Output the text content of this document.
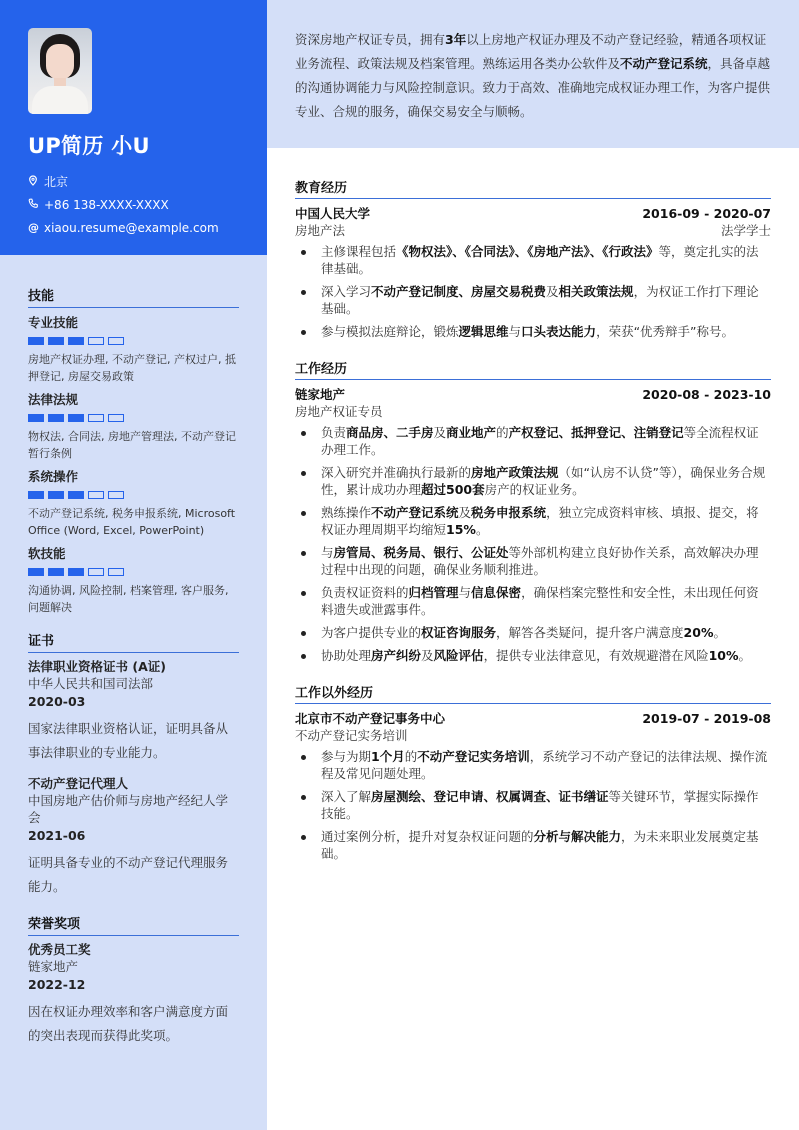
UP简历 小U
北京
+86 138-XXXX-XXXX
@ xiaou.resume@example.com
技能
专业技能
房地产权证办理, 不动产登记, 产权过户, 抵押登记, 房屋交易政策
法律法规
物权法, 合同法, 房地产管理法, 不动产登记暂行条例
系统操作
不动产登记系统, 税务申报系统, Microsoft Office (Word, Excel, PowerPoint)
软技能
沟通协调, 风险控制, 档案管理, 客户服务, 问题解决
证书
法律职业资格证书 (A证)
中华人民共和国司法部
2020-03
国家法律职业资格认证，证明具备从事法律职业的专业能力。
不动产登记代理人
中国房地产估价师与房地产经纪人学会
2021-06
证明具备专业的不动产登记代理服务能力。
荣誉奖项
优秀员工奖
链家地产
2022-12
因在权证办理效率和客户满意度方面的突出表现而获得此奖项。
资深房地产权证专员，拥有3年以上房地产权证办理及不动产登记经验，精通各项权证业务流程、政策法规及档案管理。熟练运用各类办公软件及不动产登记系统，具备卓越的沟通协调能力与风险控制意识。致力于高效、准确地完成权证办理工作，为客户提供专业、合规的服务，确保交易安全与顺畅。
教育经历
中国人民大学	2016-09 - 2020-07
房地产法	法学学士
主修课程包括《物权法》、《合同法》、《房地产法》、《行政法》等，奠定扎实的法律基础。
深入学习不动产登记制度、房屋交易税费及相关政策法规，为权证工作打下理论基础。
参与模拟法庭辩论，锻炼逻辑思维与口头表达能力，荣获“优秀辩手”称号。
工作经历
链家地产	2020-08 - 2023-10
房地产权证专员
负责商品房、二手房及商业地产的产权登记、抵押登记、注销登记等全流程权证办理工作。
深入研究并准确执行最新的房地产政策法规（如“认房不认贷”等），确保业务合规性，累计成功办理超过500套房产的权证业务。
熟练操作不动产登记系统及税务申报系统，独立完成资料审核、填报、提交，将权证办理周期平均缩短15%。
与房管局、税务局、银行、公证处等外部机构建立良好协作关系，高效解决办理过程中出现的问题，确保业务顺利推进。
负责权证资料的归档管理与信息保密，确保档案完整性和安全性，未出现任何资料遗失或泄露事件。
为客户提供专业的权证咨询服务，解答各类疑问，提升客户满意度20%。
协助处理房产纠纷及风险评估，提供专业法律意见，有效规避潜在风险10%。
工作以外经历
北京市不动产登记事务中心	2019-07 - 2019-08
不动产登记实务培训
参与为期1个月的不动产登记实务培训，系统学习不动产登记的法律法规、操作流程及常见问题处理。
深入了解房屋测绘、登记申请、权属调查、证书缮证等关键环节，掌握实际操作技能。
通过案例分析，提升对复杂权证问题的分析与解决能力，为未来职业发展奠定基础。
